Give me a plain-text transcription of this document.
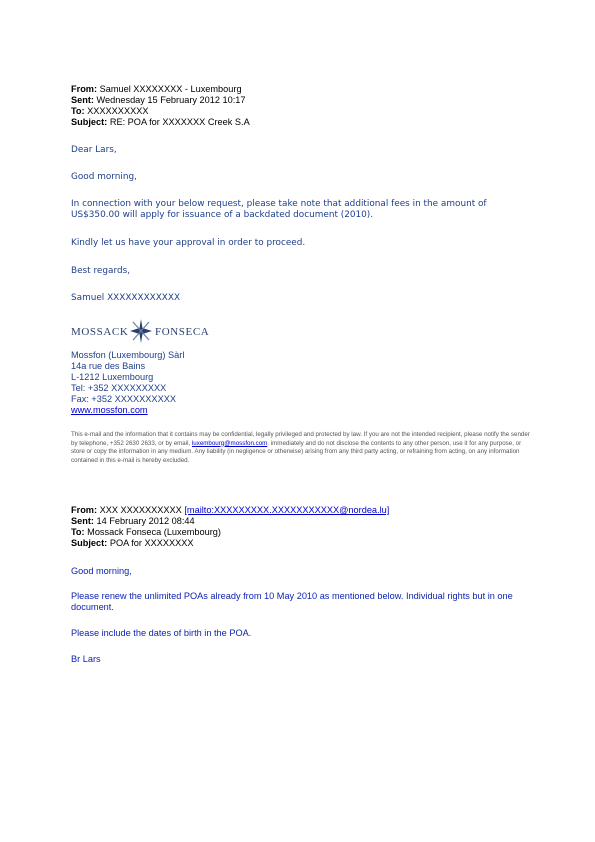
From: Samuel XXXXXXXX - Luxembourg
Sent: Wednesday 15 February 2012 10:17
To: XXXXXXXXXX
Subject: RE: POA for XXXXXXX Creek S.A
Dear Lars,
Good morning,
In connection with your below request, please take note that additional fees in the amount of US$350.00 will apply for issuance of a backdated document (2010).
Kindly let us have your approval in order to proceed.
Best regards,
Samuel XXXXXXXXXXXX
MOSSACK FONSECA
Mossfon (Luxembourg) Sàrl
14a rue des Bains
L-1212 Luxembourg
Tel: +352 XXXXXXXXX
Fax: +352 XXXXXXXXXX
www.mossfon.com
This e-mail and the information that it contains may be confidential, legally privileged and protected by law. If you are not the intended recipient, please notify the sender by telephone, +352 2630 2633, or by email, luxembourg@mossfon.com. immediately and do not disclose the contents to any other person, use it for any purpose, or store or copy the information in any medium. Any liability (in negligence or otherwise) arising from any third party acting, or refraining from acting, on any information contained in this e-mail is hereby excluded.
From: XXX XXXXXXXXXX [mailto:XXXXXXXXX.XXXXXXXXXXX@nordea.lu]
Sent: 14 February 2012 08:44
To: Mossack Fonseca (Luxembourg)
Subject: POA for XXXXXXXX
Good morning,
Please renew the unlimited POAs already from 10 May 2010 as mentioned below. Individual rights but in one document.
Please include the dates of birth in the POA.
Br Lars
